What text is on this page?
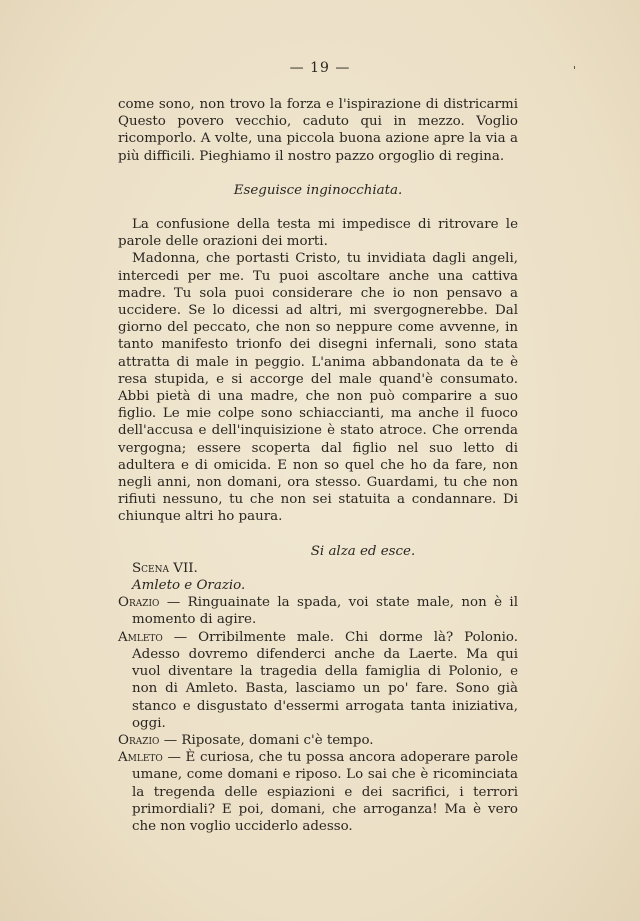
— 19 —	'

come sono, non trovo la forza e l'ispirazione di districarmi Questo povero vecchio, caduto qui in mezzo. Voglio ricomporlo. A volte, una piccola buona azione apre la via a più difficili. Pieghiamo il nostro pazzo orgoglio di regina.

Eseguisce inginocchiata.

La confusione della testa mi impedisce di ritrovare le parole delle orazioni dei morti.

Madonna, che portasti Cristo, tu invidiata dagli angeli, intercedi per me. Tu puoi ascoltare anche una cattiva madre. Tu sola puoi considerare che io non pensavo a uccidere. Se lo dicessi ad altri, mi svergognerebbe. Dal giorno del peccato, che non so neppure come avvenne, in tanto manifesto trionfo dei disegni infernali, sono stata attratta di male in peggio. L'anima abbandonata da te è resa stupida, e si accorge del male quand'è consumato. Abbi pietà di una madre, che non può comparire a suo figlio. Le mie colpe sono schiaccianti, ma anche il fuoco dell'accusa e dell'inquisizione è stato atroce. Che orrenda vergogna; essere scoperta dal figlio nel suo letto di adultera e di omicida. E non so quel che ho da fare, non negli anni, non domani, ora stesso. Guardami, tu che non rifiuti nessuno, tu che non sei statuita a condannare. Di chiunque altri ho paura.

Si alza ed esce.

Scena VII.

Amleto e Orazio.

Orazio — Ringuainate la spada, voi state male, non è il momento di agire.

Amleto — Orribilmente male. Chi dorme là? Polonio. Adesso dovremo difenderci anche da Laerte. Ma qui vuol diventare la tragedia della famiglia di Polonio, e non di Amleto. Basta, lasciamo un po' fare. Sono già stanco e disgustato d'essermi arrogata tanta iniziativa, oggi.

Orazio — Riposate, domani c'è tempo.

Amleto — È curiosa, che tu possa ancora adoperare parole umane, come domani e riposo. Lo sai che è ricominciata la tregenda delle espiazioni e dei sacrifici, i terrori primordiali? E poi, domani, che arroganza! Ma è vero che non voglio ucciderlo adesso.
